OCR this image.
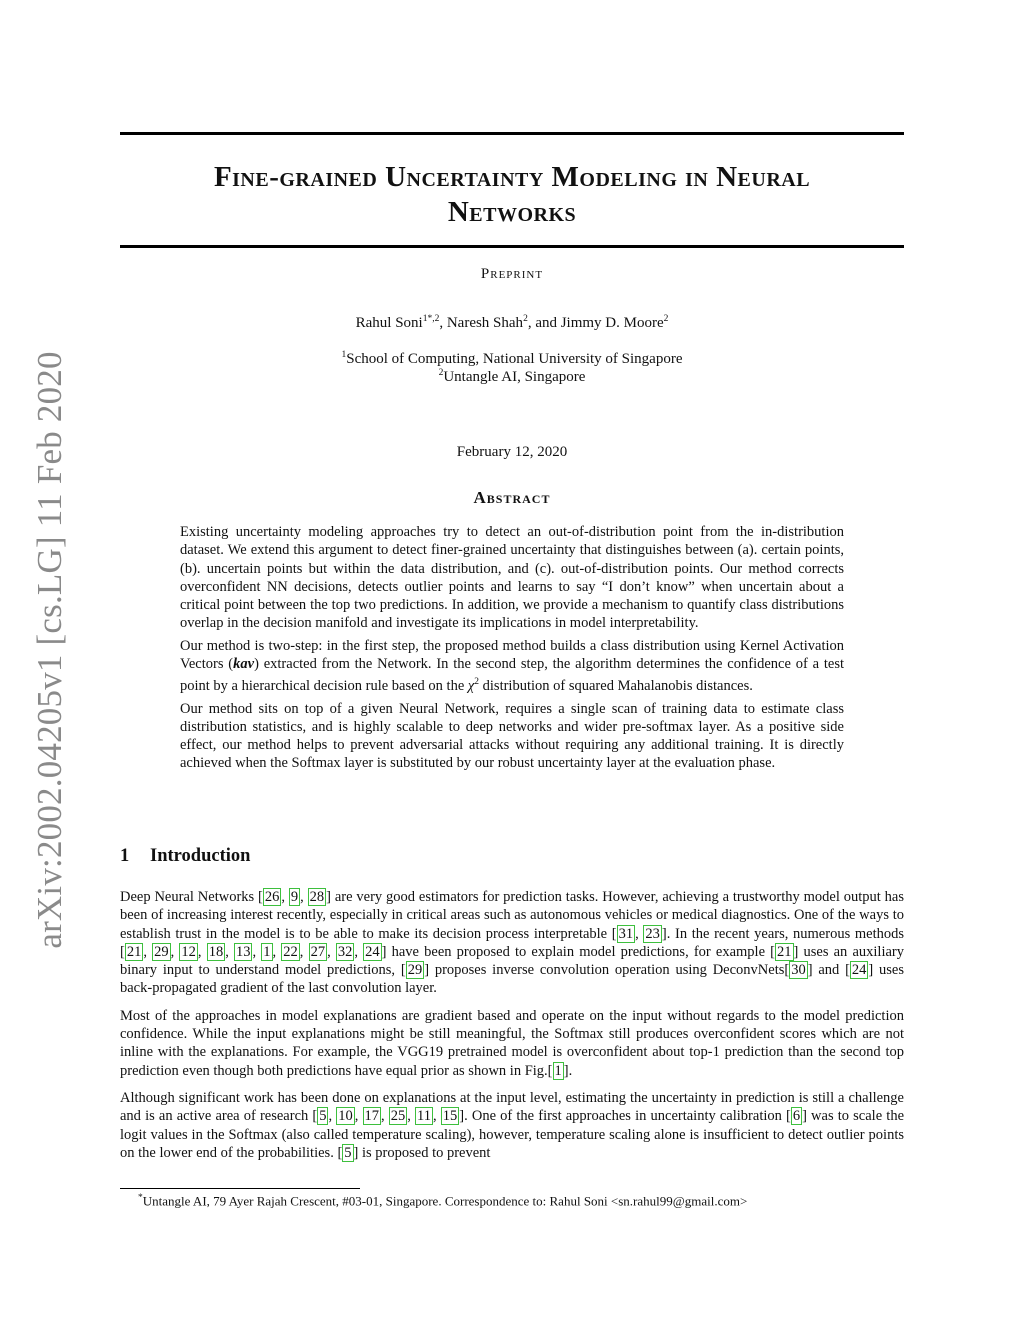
arXiv:2002.04205v1 [cs.LG] 11 Feb 2020
Fine-grained Uncertainty Modeling in Neural
Networks
Preprint
Rahul Soni$^{1*,2}$, Naresh Shah$^2$, and Jimmy D. Moore$^2$
$^1$School of Computing, National University of Singapore
$^2$Untangle AI, Singapore
February 12, 2020
Abstract

Existing uncertainty modeling approaches try to detect an out-of-distribution point from the in-distribution dataset. We extend this argument to detect finer-grained uncertainty that distinguishes between (a). certain points, (b). uncertain points but within the data distribution, and (c). out-of-distribution points. Our method corrects overconfident NN decisions, detects outlier points and learns to say “I don’t know” when uncertain about a critical point between the top two predictions. In addition, we provide a mechanism to quantify class distributions overlap in the decision manifold and investigate its implications in model interpretability.

Our method is two-step: in the first step, the proposed method builds a class distribution using Kernel Activation Vectors (kav) extracted from the Network. In the second step, the algorithm determines the confidence of a test point by a hierarchical decision rule based on the $\chi^2$ distribution of squared Mahalanobis distances.

Our method sits on top of a given Neural Network, requires a single scan of training data to estimate class distribution statistics, and is highly scalable to deep networks and wider pre-softmax layer. As a positive side effect, our method helps to prevent adversarial attacks without requiring any additional training. It is directly achieved when the Softmax layer is substituted by our robust uncertainty layer at the evaluation phase.

1 Introduction

Deep Neural Networks [ 26 , 9 , 28 ] are very good estimators for prediction tasks. However, achieving a trustworthy model output has been of increasing interest recently, especially in critical areas such as autonomous vehicles or medical diagnostics. One of the ways to establish trust in the model is to be able to make its decision process interpretable [ 31 , 23 ]. In the recent years, numerous methods [ 21 , 29 , 12 , 18 , 13 , 1 , 22 , 27 , 32 , 24 ] have been proposed to explain model predictions, for example [ 21 ] uses an auxiliary binary input to understand model predictions, [ 29 ] proposes inverse convolution operation using DeconvNets[ 30 ] and [ 24 ] uses back-propagated gradient of the last convolution layer.

Most of the approaches in model explanations are gradient based and operate on the input without regards to the model prediction confidence. While the input explanations might be still meaningful, the Softmax still produces overconfident scores which are not inline with the explanations. For example, the VGG19 pretrained model is overconfident about top-1 prediction than the second top prediction even though both predictions have equal prior as shown in Fig.[ 1 ].

Although significant work has been done on explanations at the input level, estimating the uncertainty in prediction is still a challenge and is an active area of research [ 5 , 10 , 17 , 25 , 11 , 15 ]. One of the first approaches in uncertainty calibration [ 6 ] was to scale the logit values in the Softmax (also called temperature scaling), however, temperature scaling alone is insufficient to detect outlier points on the lower end of the probabilities. [ 5 ] is proposed to prevent

*Untangle AI, 79 Ayer Rajah Crescent, #03-01, Singapore. Correspondence to: Rahul Soni <sn.rahul99@gmail.com>
